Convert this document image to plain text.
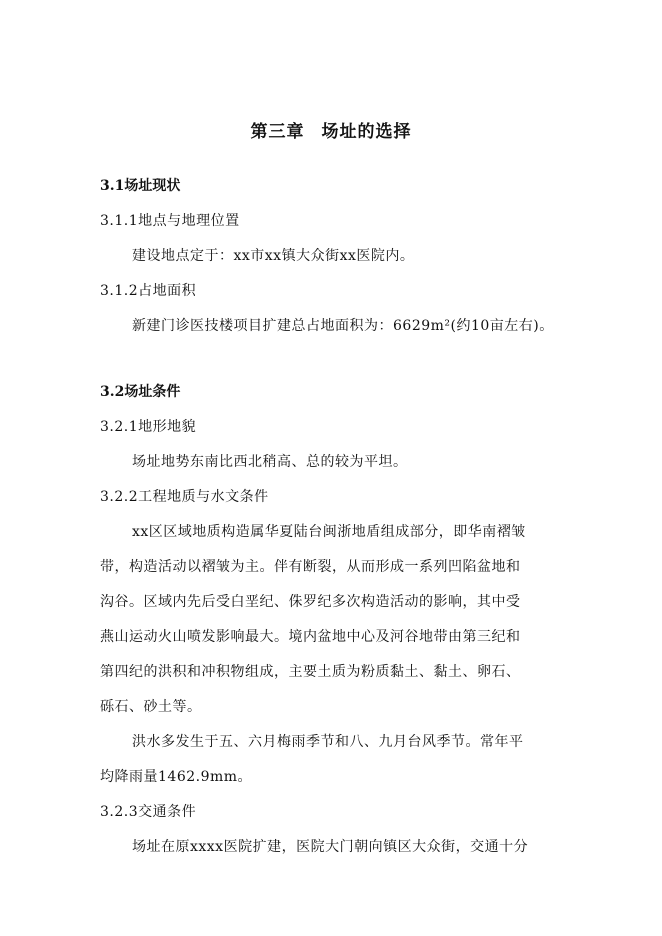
第三章 场址的选择
3.1场址现状
3.1.1地点与地理位置
建设地点定于：xx市xx镇大众街xx医院内。
3.1.2占地面积
新建门诊医技楼项目扩建总占地面积为：6629m²(约10亩左右)。
3.2场址条件
3.2.1地形地貌
场址地势东南比西北稍高、总的较为平坦。
3.2.2工程地质与水文条件
xx区区域地质构造属华夏陆台闽浙地盾组成部分，即华南褶皱
带，构造活动以褶皱为主。伴有断裂，从而形成一系列凹陷盆地和
沟谷。区域内先后受白垩纪、侏罗纪多次构造活动的影响，其中受
燕山运动火山喷发影响最大。境内盆地中心及河谷地带由第三纪和
第四纪的洪积和冲积物组成，主要土质为粉质黏土、黏土、卵石、
砾石、砂土等。
洪水多发生于五、六月梅雨季节和八、九月台风季节。常年平
均降雨量1462.9mm。
3.2.3交通条件
场址在原xxxx医院扩建，医院大门朝向镇区大众街，交通十分
